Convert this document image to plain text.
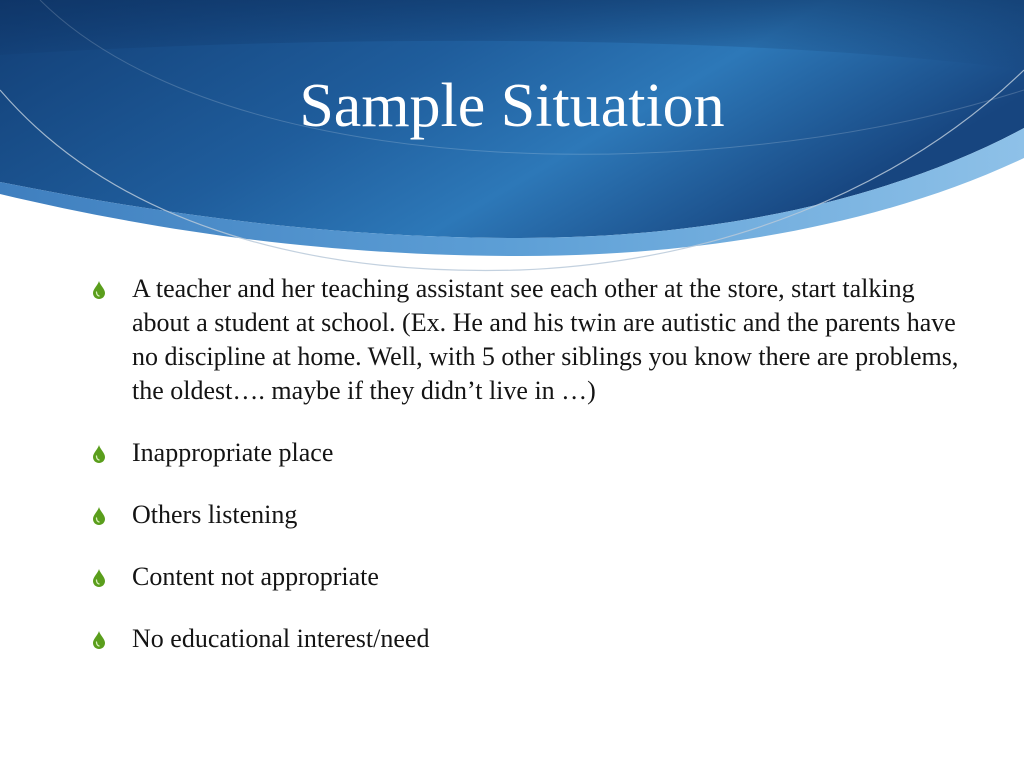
Sample Situation
A teacher and her teaching assistant see each other at the store, start talking about a student at school. (Ex. He and his twin are autistic and the parents have no discipline at home. Well, with 5 other siblings you know there are problems, the oldest…. maybe if they didn’t live in …)
Inappropriate place
Others listening
Content not appropriate
No educational interest/need
